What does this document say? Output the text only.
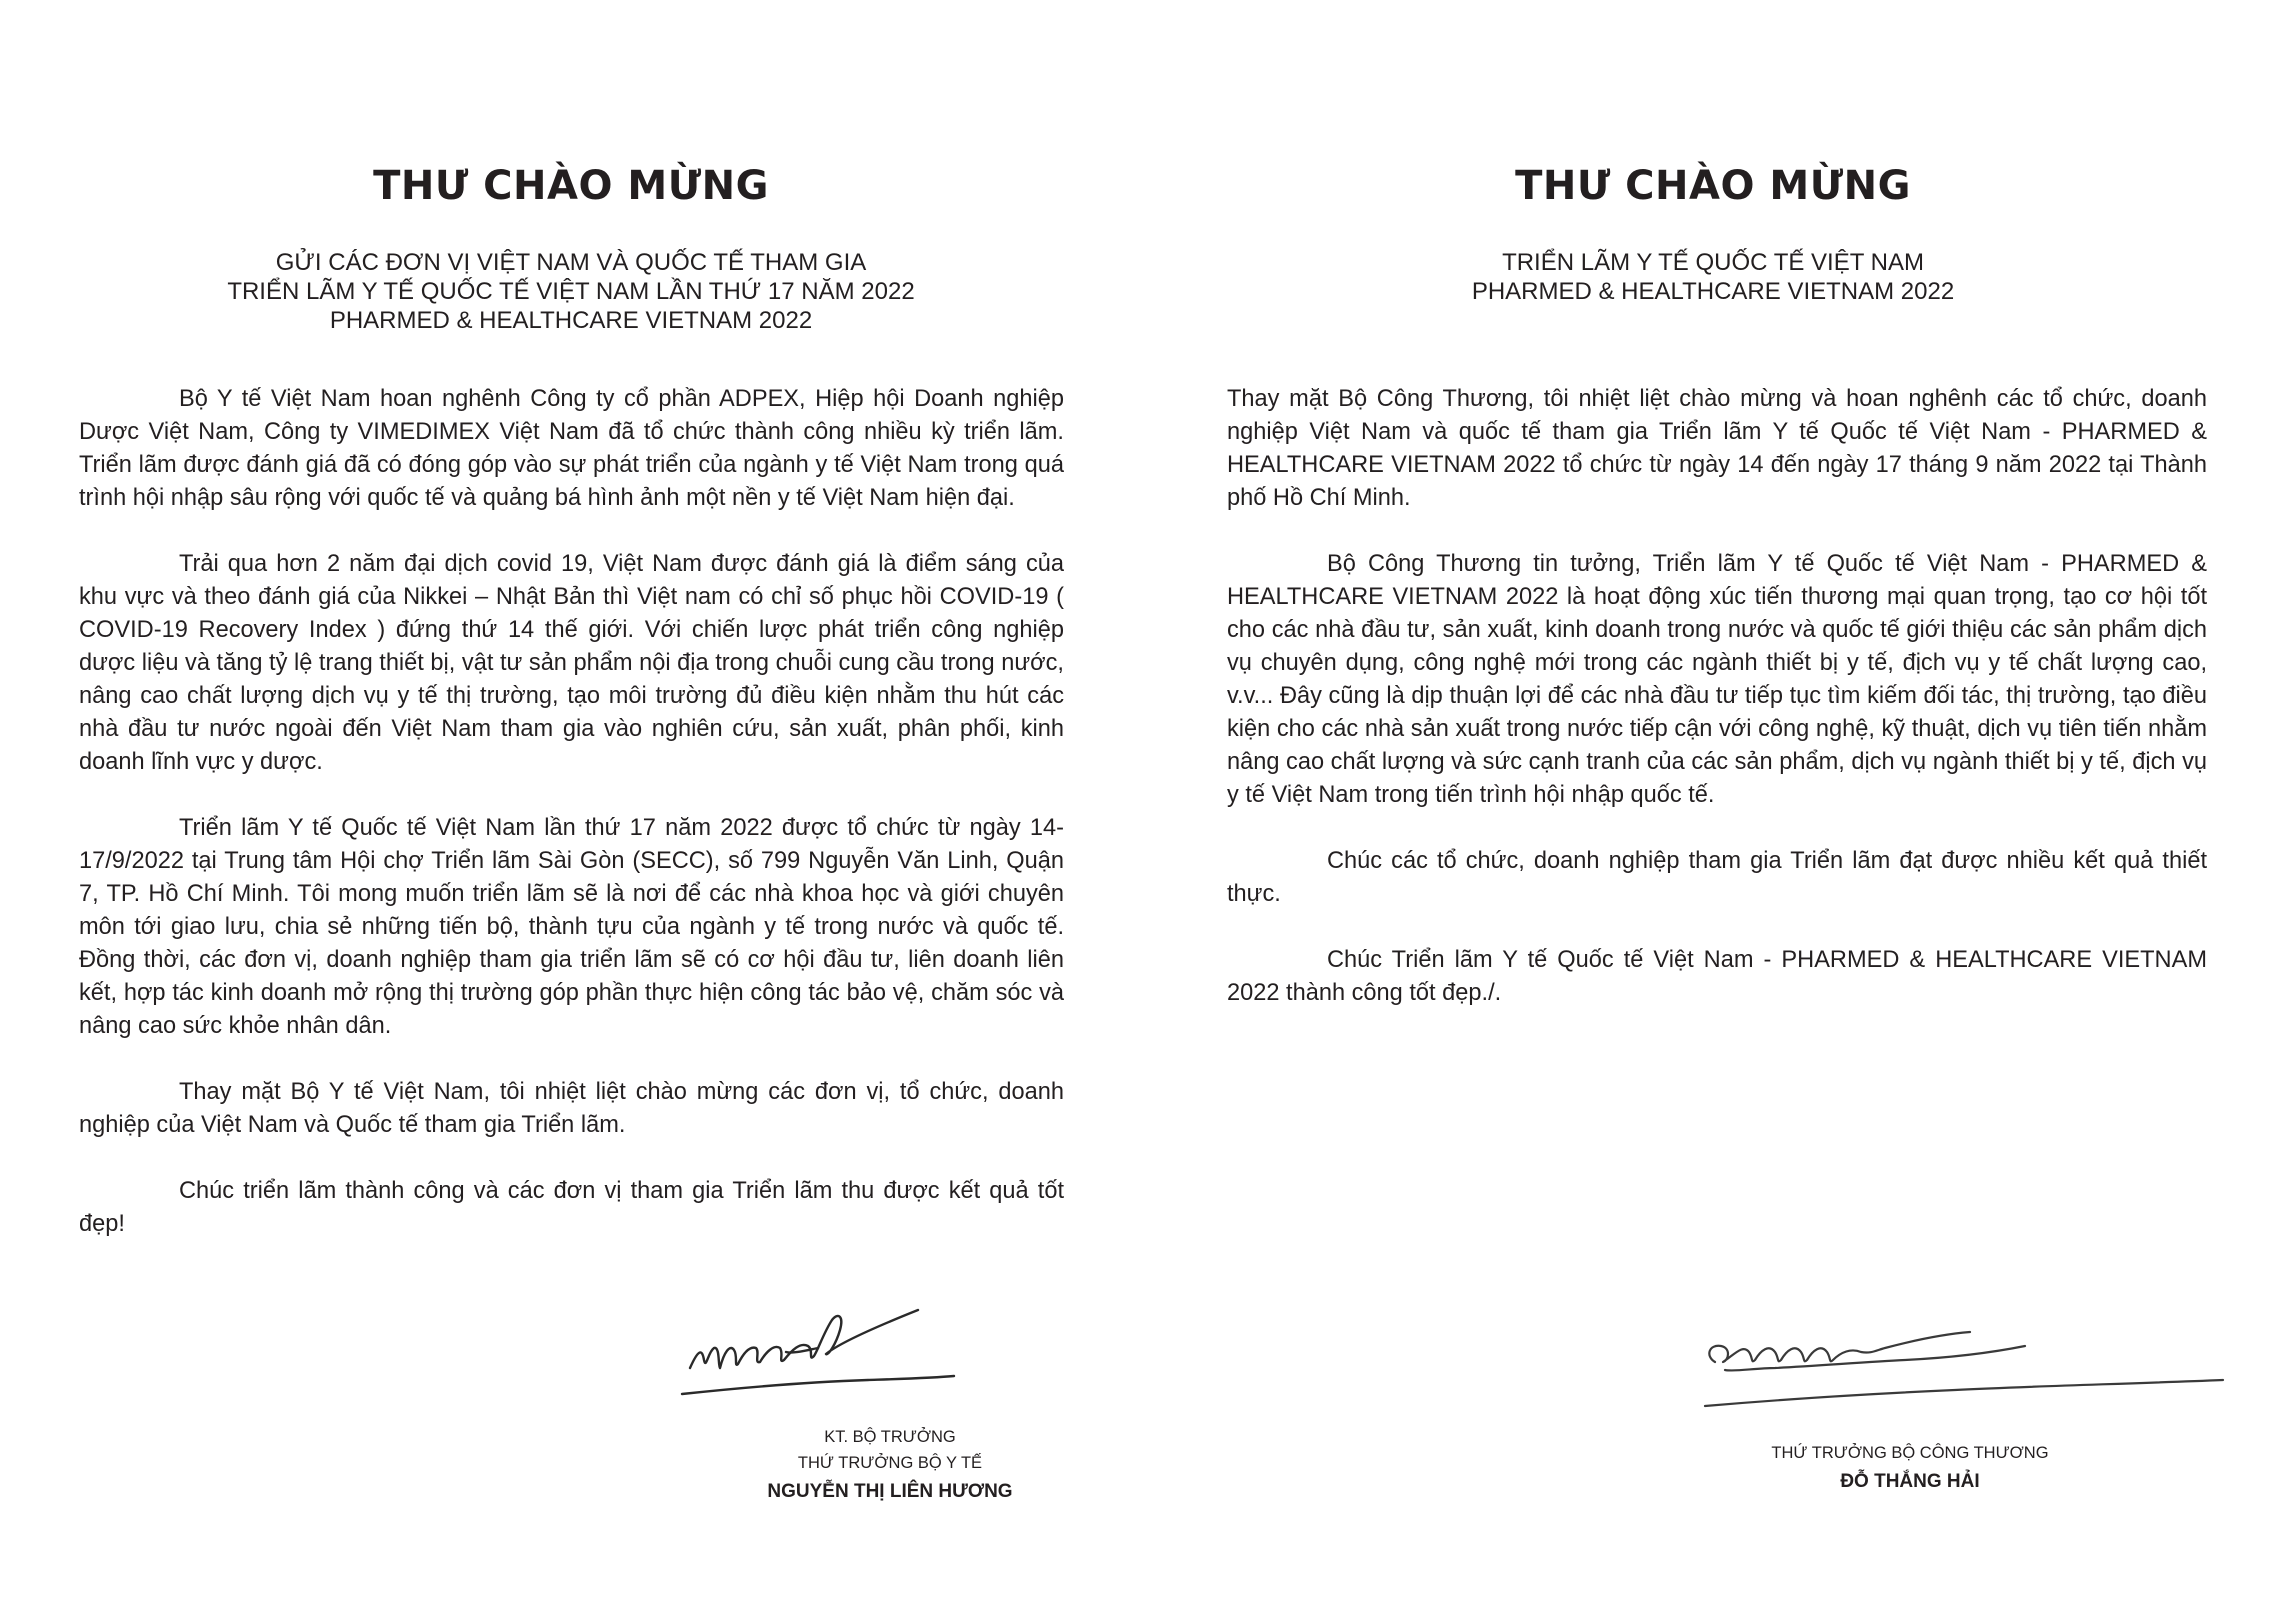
THƯ CHÀO MỪNG
GỬI CÁC ĐƠN VỊ VIỆT NAM VÀ QUỐC TẾ THAM GIA
TRIỂN LÃM Y TẾ QUỐC TẾ VIỆT NAM LẦN THỨ 17 NĂM 2022
PHARMED & HEALTHCARE VIETNAM 2022

Bộ Y tế Việt Nam hoan nghênh Công ty cổ phần ADPEX, Hiệp hội Doanh nghiệp Dược Việt Nam, Công ty VIMEDIMEX Việt Nam đã tổ chức thành công nhiều kỳ triển lãm. Triển lãm được đánh giá đã có đóng góp vào sự phát triển của ngành y tế Việt Nam trong quá trình hội nhập sâu rộng với quốc tế và quảng bá hình ảnh một nền y tế Việt Nam hiện đại.

Trải qua hơn 2 năm đại dịch covid 19, Việt Nam được đánh giá là điểm sáng của khu vực và theo đánh giá của Nikkei – Nhật Bản thì Việt nam có chỉ số phục hồi COVID-19 ( COVID-19 Recovery Index ) đứng thứ 14 thế giới. Với chiến lược phát triển công nghiệp dược liệu và tăng tỷ lệ trang thiết bị, vật tư sản phẩm nội địa trong chuỗi cung cầu trong nước, nâng cao chất lượng dịch vụ y tế thị trường, tạo môi trường đủ điều kiện nhằm thu hút các nhà đầu tư nước ngoài đến Việt Nam tham gia vào nghiên cứu, sản xuất, phân phối, kinh doanh lĩnh vực y dược.

Triển lãm Y tế Quốc tế Việt Nam lần thứ 17 năm 2022 được tổ chức từ ngày 14-17/9/2022 tại Trung tâm Hội chợ Triển lãm Sài Gòn (SECC), số 799 Nguyễn Văn Linh, Quận 7, TP. Hồ Chí Minh. Tôi mong muốn triển lãm sẽ là nơi để các nhà khoa học và giới chuyên môn tới giao lưu, chia sẻ những tiến bộ, thành tựu của ngành y tế trong nước và quốc tế. Đồng thời, các đơn vị, doanh nghiệp tham gia triển lãm sẽ có cơ hội đầu tư, liên doanh liên kết, hợp tác kinh doanh mở rộng thị trường góp phần thực hiện công tác bảo vệ, chăm sóc và nâng cao sức khỏe nhân dân.

Thay mặt Bộ Y tế Việt Nam, tôi nhiệt liệt chào mừng các đơn vị, tổ chức, doanh nghiệp của Việt Nam và Quốc tế tham gia Triển lãm.

Chúc triển lãm thành công và các đơn vị tham gia Triển lãm thu được kết quả tốt đẹp!

KT. BỘ TRƯỞNG
THỨ TRƯỞNG BỘ Y TẾ
NGUYỄN THỊ LIÊN HƯƠNG
THƯ CHÀO MỪNG
TRIỂN LÃM Y TẾ QUỐC TẾ VIỆT NAM
PHARMED & HEALTHCARE VIETNAM 2022

Thay mặt Bộ Công Thương, tôi nhiệt liệt chào mừng và hoan nghênh các tổ chức, doanh nghiệp Việt Nam và quốc tế tham gia Triển lãm Y tế Quốc tế Việt Nam - PHARMED & HEALTHCARE VIETNAM 2022 tổ chức từ ngày 14 đến ngày 17 tháng 9 năm 2022 tại Thành phố Hồ Chí Minh.

Bộ Công Thương tin tưởng, Triển lãm Y tế Quốc tế Việt Nam - PHARMED & HEALTHCARE VIETNAM 2022 là hoạt động xúc tiến thương mại quan trọng, tạo cơ hội tốt cho các nhà đầu tư, sản xuất, kinh doanh trong nước và quốc tế giới thiệu các sản phẩm dịch vụ chuyên dụng, công nghệ mới trong các ngành thiết bị y tế, địch vụ y tế chất lượng cao, v.v... Đây cũng là dịp thuận lợi để các nhà đầu tư tiếp tục tìm kiếm đối tác, thị trường, tạo điều kiện cho các nhà sản xuất trong nước tiếp cận với công nghệ, kỹ thuật, dịch vụ tiên tiến nhằm nâng cao chất lượng và sức cạnh tranh của các sản phẩm, dịch vụ ngành thiết bị y tế, địch vụ y tế Việt Nam trong tiến trình hội nhập quốc tế.

Chúc các tổ chức, doanh nghiệp tham gia Triển lãm đạt được nhiều kết quả thiết thực.

Chúc Triển lãm Y tế Quốc tế Việt Nam - PHARMED & HEALTHCARE VIETNAM 2022 thành công tốt đẹp./.

THỨ TRƯỞNG BỘ CÔNG THƯƠNG
ĐỖ THẮNG HẢI
